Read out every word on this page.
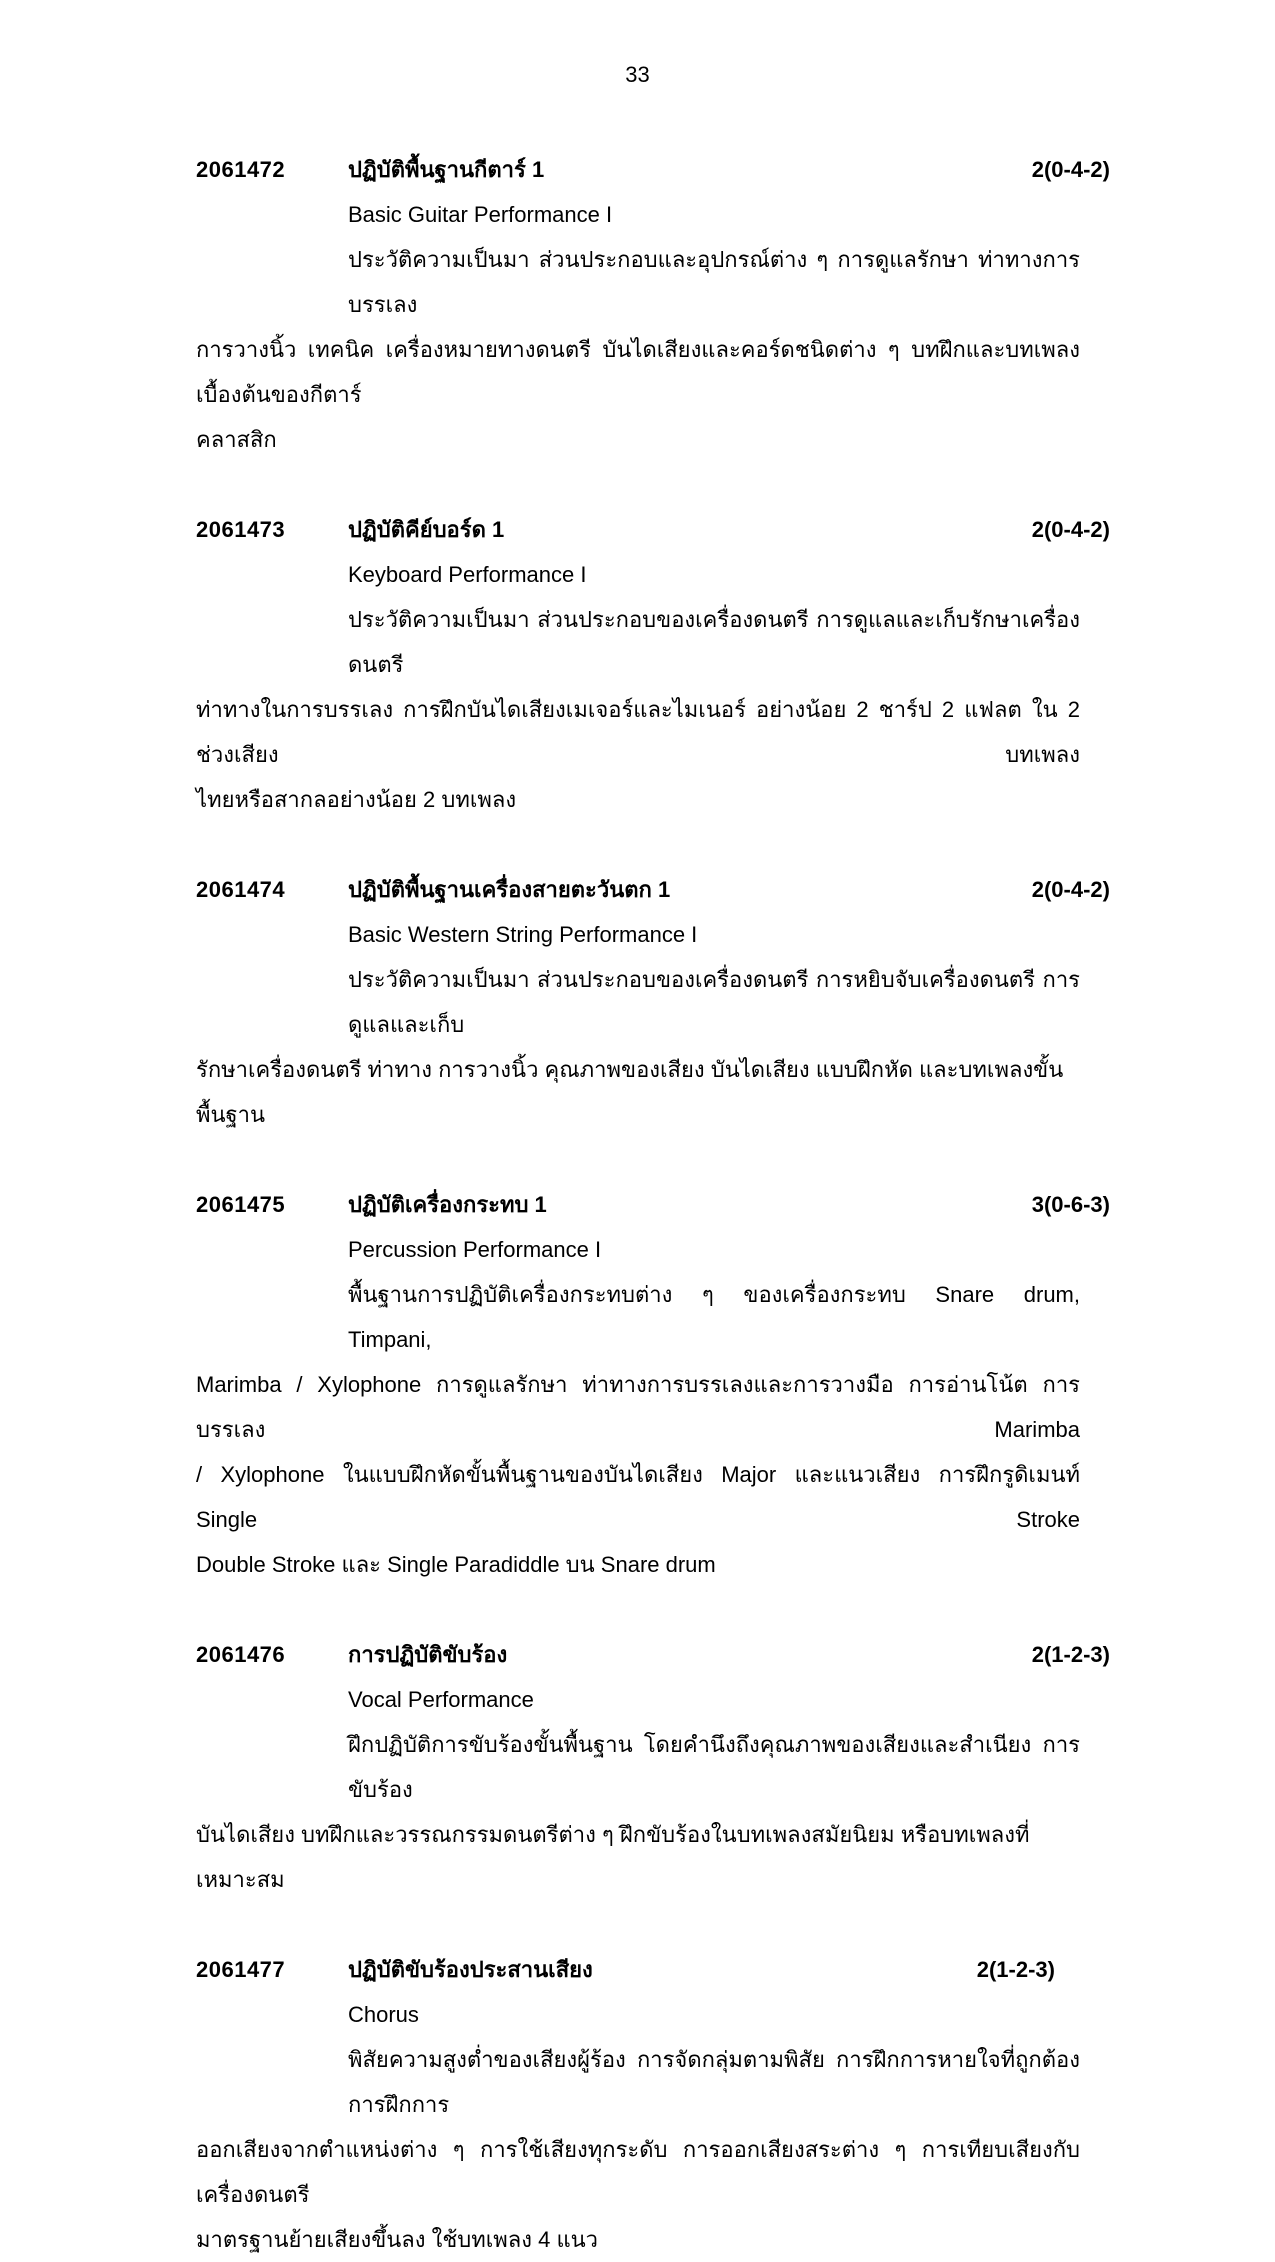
33
2061472	ปฏิบัติพื้นฐานกีตาร์ 1	2(0-4-2)
Basic Guitar Performance I
ประวัติความเป็นมา ส่วนประกอบและอุปกรณ์ต่าง ๆ การดูแลรักษา ท่าทางการบรรเลง
การวางนิ้ว เทคนิค เครื่องหมายทางดนตรี บันไดเสียงและคอร์ดชนิดต่าง ๆ บทฝึกและบทเพลงเบื้องต้นของกีตาร์
คลาสสิก
2061473	ปฏิบัติคีย์บอร์ด 1	2(0-4-2)
Keyboard Performance I
ประวัติความเป็นมา ส่วนประกอบของเครื่องดนตรี การดูแลและเก็บรักษาเครื่องดนตรี
ท่าทางในการบรรเลง การฝึกบันไดเสียงเมเจอร์และไมเนอร์ อย่างน้อย 2 ชาร์ป 2 แฟลต ใน 2 ช่วงเสียง บทเพลง
ไทยหรือสากลอย่างน้อย 2 บทเพลง
2061474	ปฏิบัติพื้นฐานเครื่องสายตะวันตก 1	2(0-4-2)
Basic Western String Performance I
ประวัติความเป็นมา ส่วนประกอบของเครื่องดนตรี การหยิบจับเครื่องดนตรี การดูแลและเก็บ
รักษาเครื่องดนตรี ท่าทาง การวางนิ้ว คุณภาพของเสียง บันไดเสียง แบบฝึกหัด และบทเพลงขั้นพื้นฐาน
2061475	ปฏิบัติเครื่องกระทบ 1	3(0-6-3)
Percussion Performance I
พื้นฐานการปฏิบัติเครื่องกระทบต่าง ๆ ของเครื่องกระทบ Snare drum, Timpani,
Marimba / Xylophone การดูแลรักษา ท่าทางการบรรเลงและการวางมือ การอ่านโน้ต การบรรเลง Marimba
/ Xylophone ในแบบฝึกหัดขั้นพื้นฐานของบันไดเสียง Major และแนวเสียง การฝึกรูดิเมนท์ Single Stroke
Double Stroke และ Single Paradiddle บน Snare drum
2061476	การปฏิบัติขับร้อง	2(1-2-3)
Vocal Performance
ฝึกปฏิบัติการขับร้องขั้นพื้นฐาน โดยคำนึงถึงคุณภาพของเสียงและสำเนียง การขับร้อง
บันไดเสียง บทฝึกและวรรณกรรมดนตรีต่าง ๆ ฝึกขับร้องในบทเพลงสมัยนิยม หรือบทเพลงที่เหมาะสม
2061477	ปฏิบัติขับร้องประสานเสียง	2(1-2-3)
Chorus
พิสัยความสูงต่ำของเสียงผู้ร้อง การจัดกลุ่มตามพิสัย การฝึกการหายใจที่ถูกต้อง การฝึกการ
ออกเสียงจากตำแหน่งต่าง ๆ การใช้เสียงทุกระดับ การออกเสียงสระต่าง ๆ การเทียบเสียงกับเครื่องดนตรี
มาตรฐานย้ายเสียงขึ้นลง ใช้บทเพลง 4 แนว
